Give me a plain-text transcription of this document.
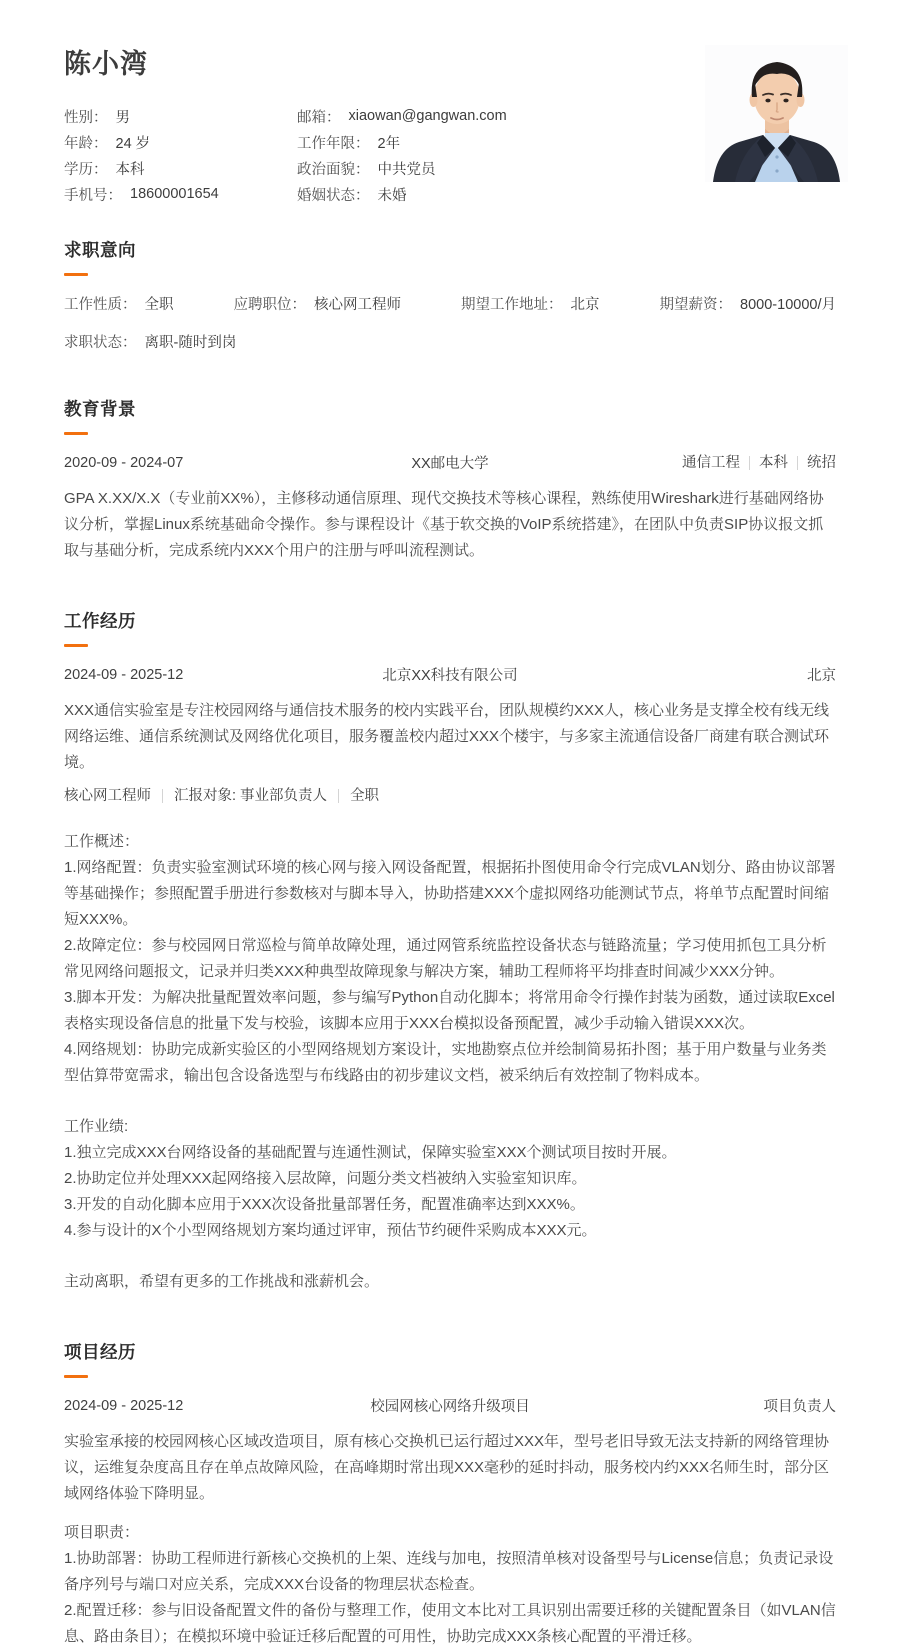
陈小湾
性别： 男
年龄： 24 岁
学历： 本科
手机号： 18600001654
邮箱： xiaowan@gangwan.com
工作年限： 2年
政治面貌： 中共党员
婚姻状态： 未婚
求职意向
工作性质： 全职	应聘职位： 核心网工程师	期望工作地址： 北京	期望薪资： 8000-10000/月
求职状态： 离职-随时到岗
教育背景
2020-09 - 2024-07	XX邮电大学	通信工程	本科	统招
GPA X.XX/X.X（专业前XX%），主修移动通信原理、现代交换技术等核心课程，熟练使用Wireshark进行基础网络协议分析，掌握Linux系统基础命令操作。参与课程设计《基于软交换的VoIP系统搭建》，在团队中负责SIP协议报文抓取与基础分析，完成系统内XXX个用户的注册与呼叫流程测试。
工作经历
2024-09 - 2025-12	北京XX科技有限公司	北京
XXX通信实验室是专注校园网络与通信技术服务的校内实践平台，团队规模约XXX人，核心业务是支撑全校有线无线网络运维、通信系统测试及网络优化项目，服务覆盖校内超过XXX个楼宇，与多家主流通信设备厂商建有联合测试环境。
核心网工程师	汇报对象: 事业部负责人	全职
工作概述：
1.网络配置：负责实验室测试环境的核心网与接入网设备配置，根据拓扑图使用命令行完成VLAN划分、路由协议部署等基础操作；参照配置手册进行参数核对与脚本导入，协助搭建XXX个虚拟网络功能测试节点，将单节点配置时间缩短XXX%。
2.故障定位：参与校园网日常巡检与简单故障处理，通过网管系统监控设备状态与链路流量；学习使用抓包工具分析常见网络问题报文，记录并归类XXX种典型故障现象与解决方案，辅助工程师将平均排查时间减少XXX分钟。
3.脚本开发：为解决批量配置效率问题，参与编写Python自动化脚本；将常用命令行操作封装为函数，通过读取Excel表格实现设备信息的批量下发与校验，该脚本应用于XXX台模拟设备预配置，减少手动输入错误XXX次。
4.网络规划：协助完成新实验区的小型网络规划方案设计，实地勘察点位并绘制简易拓扑图；基于用户数量与业务类型估算带宽需求，输出包含设备选型与布线路由的初步建议文档，被采纳后有效控制了物料成本。
工作业绩:
1.独立完成XXX台网络设备的基础配置与连通性测试，保障实验室XXX个测试项目按时开展。
2.协助定位并处理XXX起网络接入层故障，问题分类文档被纳入实验室知识库。
3.开发的自动化脚本应用于XXX次设备批量部署任务，配置准确率达到XXX%。
4.参与设计的X个小型网络规划方案均通过评审，预估节约硬件采购成本XXX元。
主动离职，希望有更多的工作挑战和涨薪机会。
项目经历
2024-09 - 2025-12	校园网核心网络升级项目	项目负责人
实验室承接的校园网核心区域改造项目，原有核心交换机已运行超过XXX年，型号老旧导致无法支持新的网络管理协议，运维复杂度高且存在单点故障风险，在高峰期时常出现XXX毫秒的延时抖动，服务校内约XXX名师生时，部分区域网络体验下降明显。
项目职责：
1.协助部署：协助工程师进行新核心交换机的上架、连线与加电，按照清单核对设备型号与License信息；负责记录设备序列号与端口对应关系，完成XXX台设备的物理层状态检查。
2.配置迁移：参与旧设备配置文件的备份与整理工作，使用文本比对工具识别出需要迁移的关键配置条目（如VLAN信息、路由条目）；在模拟环境中验证迁移后配置的可用性，协助完成XXX条核心配置的平滑迁移。
